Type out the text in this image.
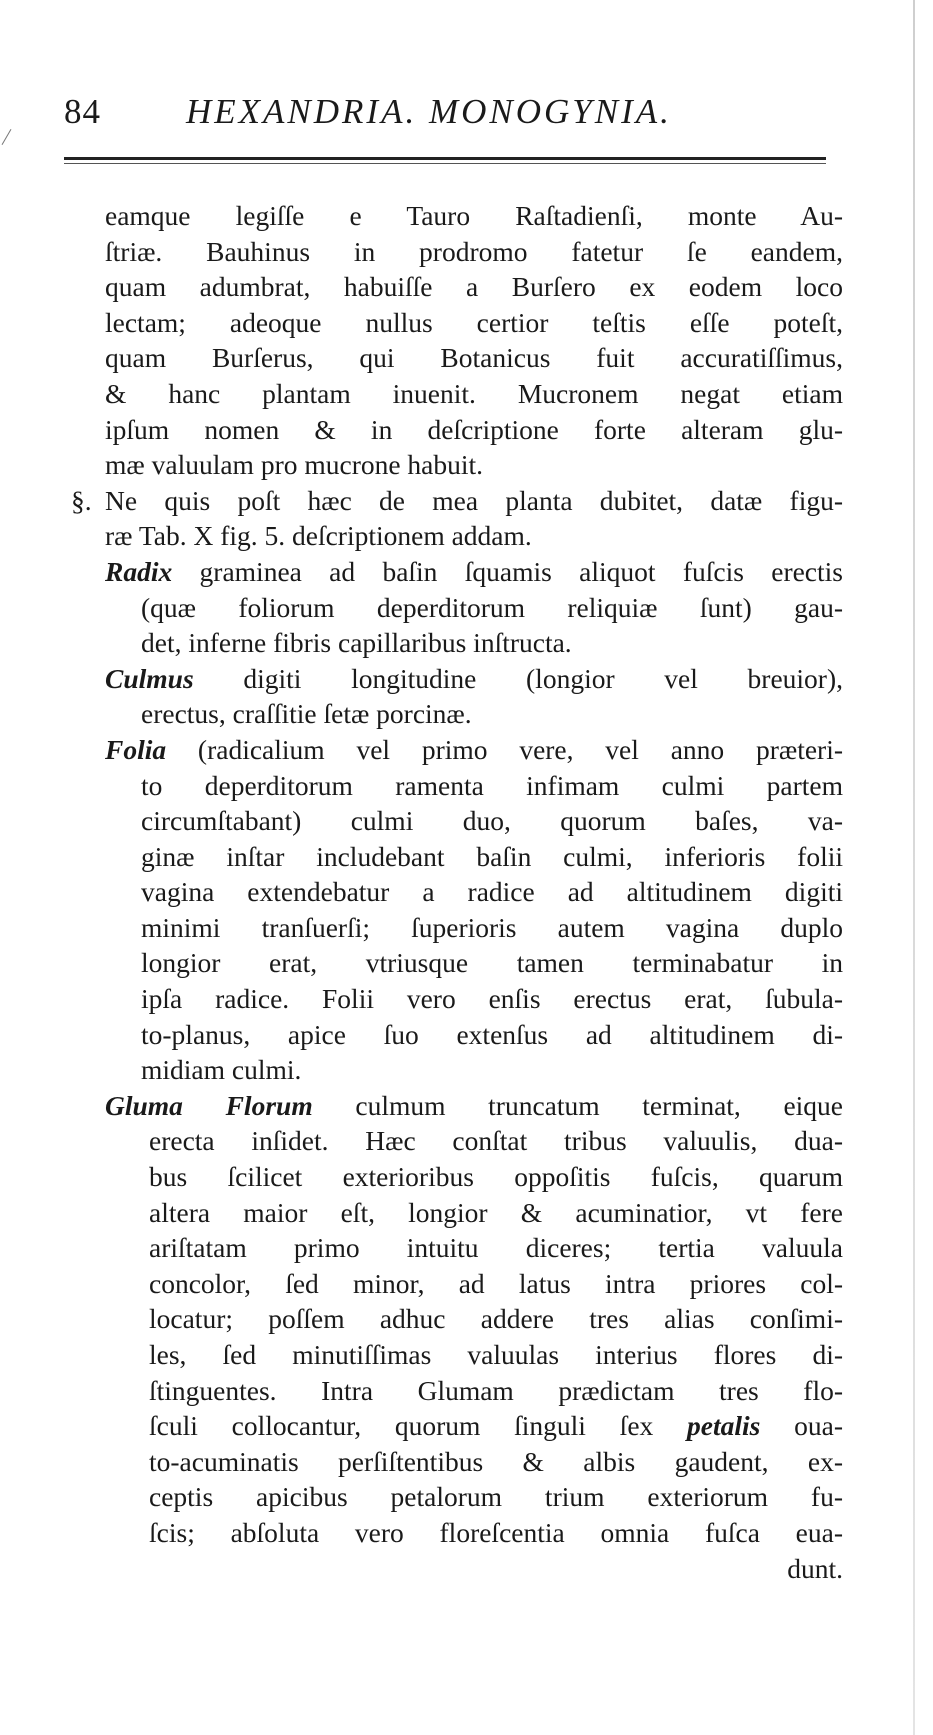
84 HEXANDRIA. MONOGYNIA.
eamque legiſſe e Tauro Raſtadienſi, monte Au-
ſtriæ. Bauhinus in prodromo fatetur ſe eandem,
quam adumbrat, habuiſſe a Burſero ex eodem loco
lectam; adeoque nullus certior teſtis eſſe poteſt,
quam Burſerus, qui Botanicus fuit accuratiſſimus,
& hanc plantam inuenit. Mucronem negat etiam
ipſum nomen & in deſcriptione forte alteram glu-
mæ valuulam pro mucrone habuit.
§. Ne quis poſt hæc de mea planta dubitet, datæ figu-
ræ Tab. X fig. 5. deſcriptionem addam.
Radix graminea ad baſin ſquamis aliquot fuſcis erectis
(quæ foliorum deperditorum reliquiæ ſunt) gau-
det, inferne fibris capillaribus inſtructa.
Culmus digiti longitudine (longior vel breuior),
erectus, craſſitie ſetæ porcinæ.
Folia (radicalium vel primo vere, vel anno præteri-
to deperditorum ramenta infimam culmi partem
circumſtabant) culmi duo, quorum baſes, va-
ginæ inſtar includebant baſin culmi, inferioris folii
vagina extendebatur a radice ad altitudinem digiti
minimi tranſuerſi; ſuperioris autem vagina duplo
longior erat, vtriusque tamen terminabatur in
ipſa radice. Folii vero enſis erectus erat, ſubula-
to-planus, apice ſuo extenſus ad altitudinem di-
midiam culmi.
Gluma Florum culmum truncatum terminat, eique
erecta inſidet. Hæc conſtat tribus valuulis, dua-
bus ſcilicet exterioribus oppoſitis fuſcis, quarum
altera maior eſt, longior & acuminatior, vt fere
ariſtatam primo intuitu diceres; tertia valuula
concolor, ſed minor, ad latus intra priores col-
locatur; poſſem adhuc addere tres alias conſimi-
les, ſed minutiſſimas valuulas interius flores di-
ſtinguentes. Intra Glumam prædictam tres flo-
ſculi collocantur, quorum ſinguli ſex petalis oua-
to-acuminatis perſiſtentibus & albis gaudent, ex-
ceptis apicibus petalorum trium exteriorum fu-
ſcis; abſoluta vero floreſcentia omnia fuſca eua-
dunt.
